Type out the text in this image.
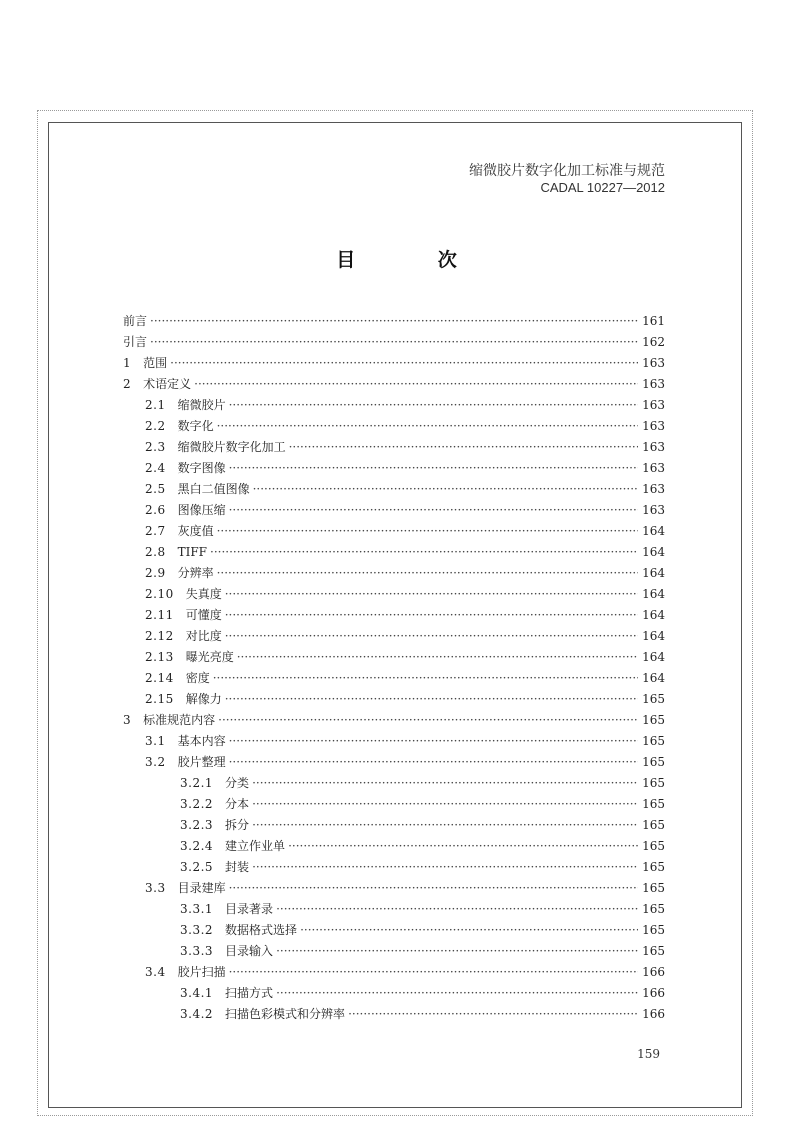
缩微胶片数字化加工标准与规范
CADAL 10227—2012
目 次
前言 ·····	161
引言 ·····	162
1 范围 ·····	163
2 术语定义 ·····	163
2.1 缩微胶片 ·····	163
2.2 数字化 ·····	163
2.3 缩微胶片数字化加工 ·····	163
2.4 数字图像 ·····	163
2.5 黑白二值图像 ·····	163
2.6 图像压缩 ·····	163
2.7 灰度值 ·····	164
2.8 TIFF ·····	164
2.9 分辨率 ·····	164
2.10 失真度 ·····	164
2.11 可懂度 ·····	164
2.12 对比度 ·····	164
2.13 曝光亮度 ·····	164
2.14 密度 ·····	164
2.15 解像力 ·····	165
3 标准规范内容 ·····	165
3.1 基本内容 ·····	165
3.2 胶片整理 ·····	165
3.2.1 分类 ·····	165
3.2.2 分本 ·····	165
3.2.3 拆分 ·····	165
3.2.4 建立作业单 ·····	165
3.2.5 封装 ·····	165
3.3 目录建库 ·····	165
3.3.1 目录著录 ·····	165
3.3.2 数据格式选择 ·····	165
3.3.3 目录输入 ·····	165
3.4 胶片扫描 ·····	166
3.4.1 扫描方式 ·····	166
3.4.2 扫描色彩模式和分辨率 ·····	166
159
